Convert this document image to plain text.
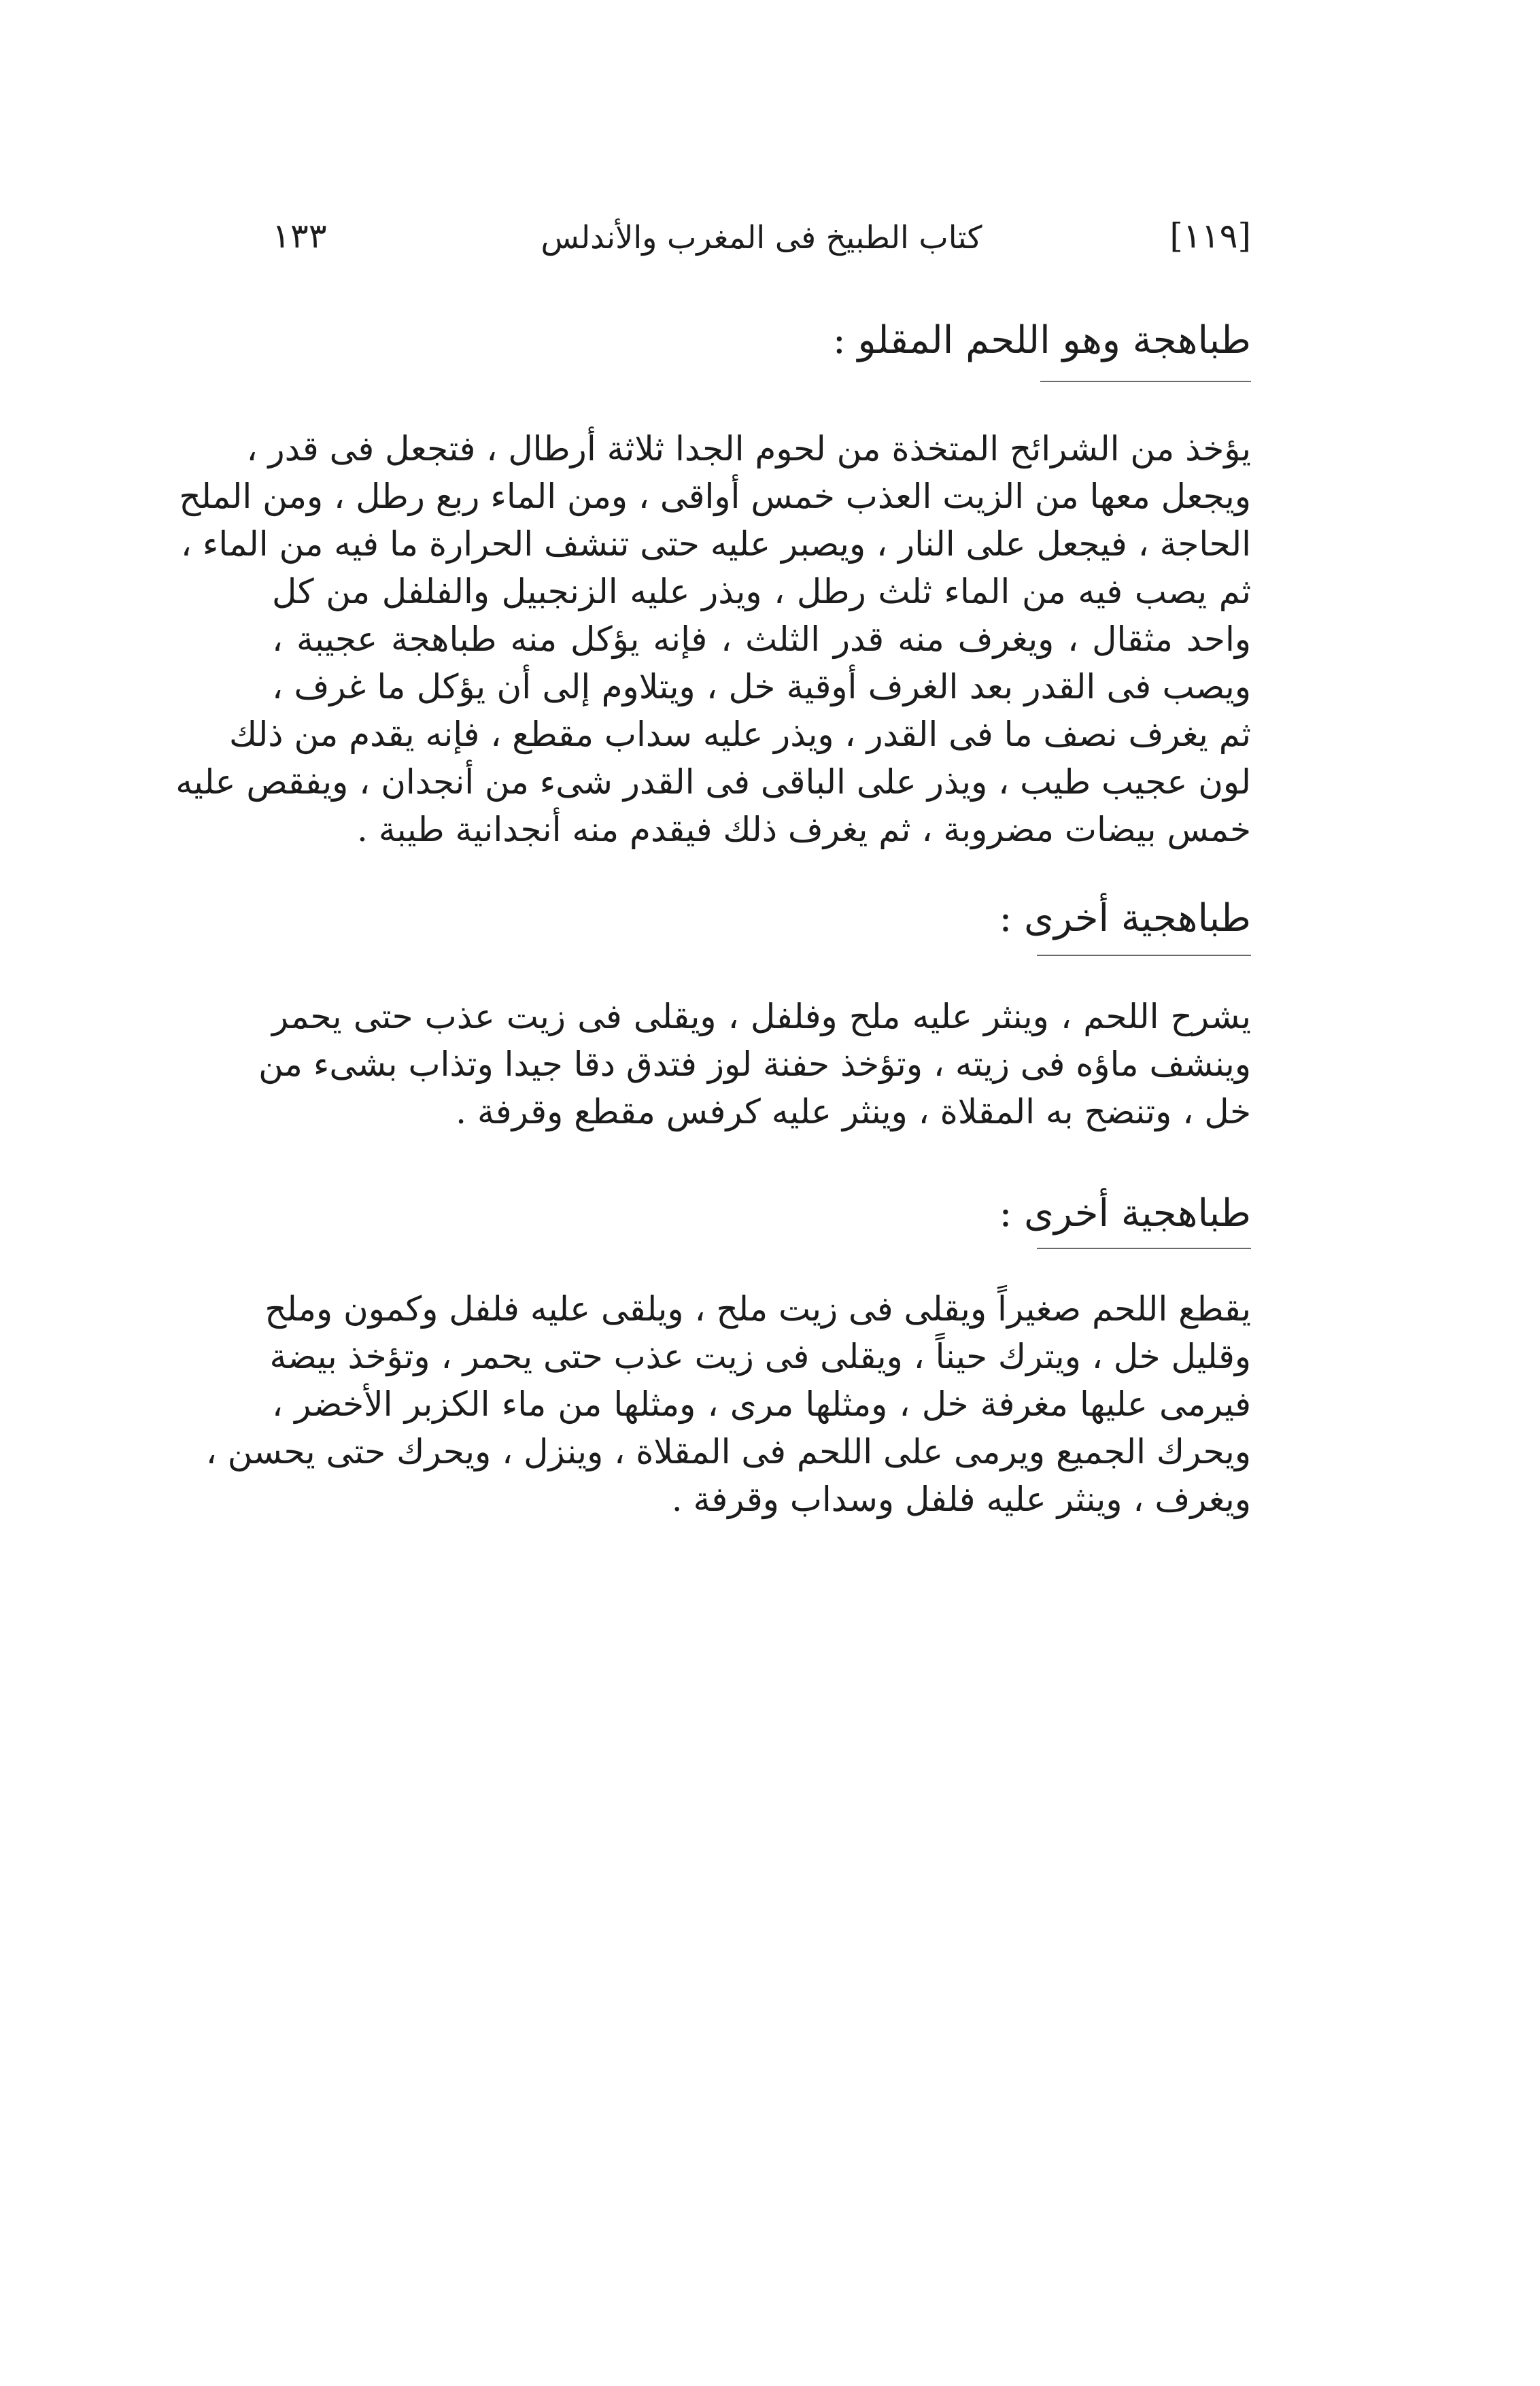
[١١٩]
كتاب الطبيخ فى المغرب والأندلس
١٣٣
طباهجة وهو اللحم المقلو :
يؤخذ من الشرائح المتخذة من لحوم الجدا ثلاثة أرطال ، فتجعل فى قدر ،
ويجعل معها من الزيت العذب خمس أواقى ، ومن الماء ربع رطل ، ومن الملح
الحاجة ، فيجعل على النار ، ويصبر عليه حتى تنشف الحرارة ما فيه من الماء ،
ثم يصب فيه من الماء ثلث رطل ، ويذر عليه الزنجبيل والفلفل من كل
واحد مثقال ، ويغرف منه قدر الثلث ، فإنه يؤكل منه طباهجة عجيبة ،
ويصب فى القدر بعد الغرف أوقية خل ، ويتلاوم إلى أن يؤكل ما غرف ،
ثم يغرف نصف ما فى القدر ، ويذر عليه سداب مقطع ، فإنه يقدم من ذلك
لون عجيب طيب ، ويذر على الباقى فى القدر شىء من أنجدان ، ويفقص عليه
خمس بيضات مضروبة ، ثم يغرف ذلك فيقدم منه أنجدانية طيبة .
طباهجية أخرى :
يشرح اللحم ، وينثر عليه ملح وفلفل ، ويقلى فى زيت عذب حتى يحمر
وينشف ماؤه فى زيته ، وتؤخذ حفنة لوز فتدق دقا جيدا وتذاب بشىء من
خل ، وتنضح به المقلاة ، وينثر عليه كرفس مقطع وقرفة .
طباهجية أخرى :
يقطع اللحم صغيراً ويقلى فى زيت ملح ، ويلقى عليه فلفل وكمون وملح
وقليل خل ، ويترك حيناً ، ويقلى فى زيت عذب حتى يحمر ، وتؤخذ بيضة
فيرمى عليها مغرفة خل ، ومثلها مرى ، ومثلها من ماء الكزبر الأخضر ،
ويحرك الجميع ويرمى على اللحم فى المقلاة ، وينزل ، ويحرك حتى يحسن ،
ويغرف ، وينثر عليه فلفل وسداب وقرفة .
